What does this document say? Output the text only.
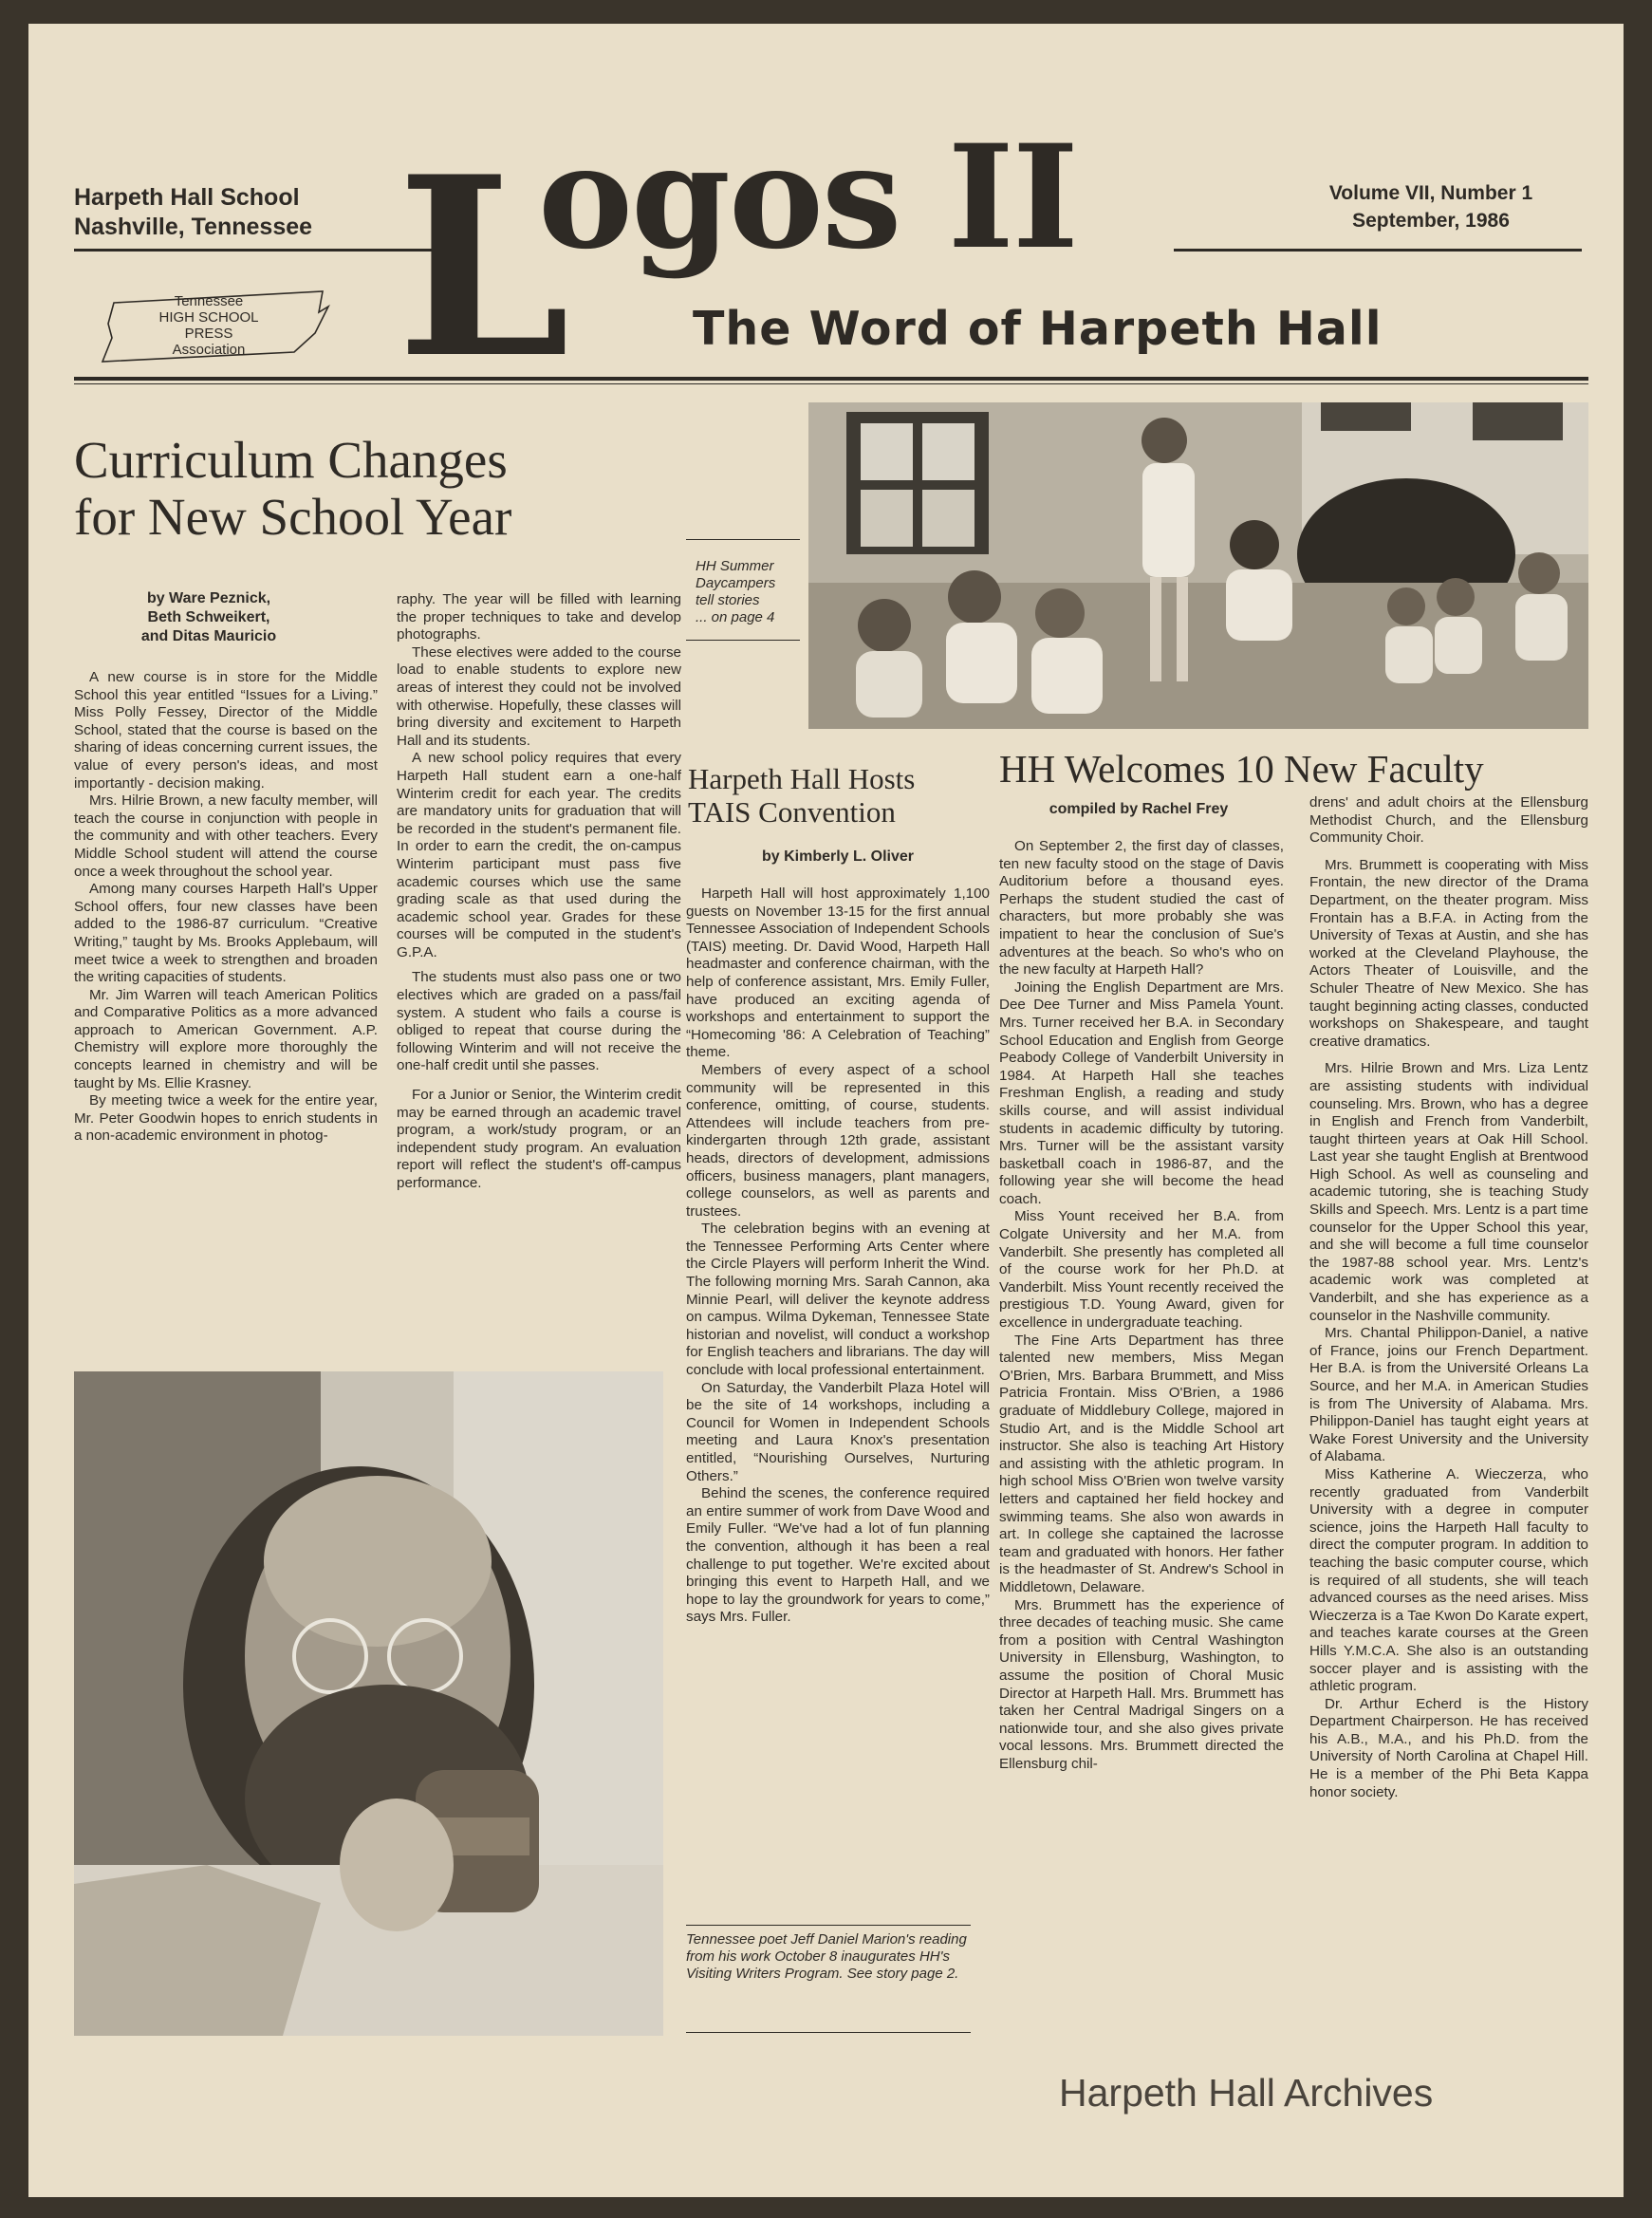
Harpeth Hall School
Nashville, Tennessee
Volume VII, Number 1
September, 1986
L
ogos II
The Word of Harpeth Hall
Tennessee
HIGH SCHOOL PRESS
Association
HH Summer
Daycampers
tell stories
... on page 4
Curriculum Changes
for New School Year
by Ware Peznick,
Beth Schweikert,
and Ditas Mauricio

A new course is in store for the Middle School this year entitled “Issues for a Living.” Miss Polly Fessey, Director of the Middle School, stated that the course is based on the sharing of ideas concerning current issues, the value of every person's ideas, and most importantly - decision making.

Mrs. Hilrie Brown, a new faculty member, will teach the course in conjunction with people in the community and with other teachers. Every Middle School student will attend the course once a week throughout the school year.

Among many courses Harpeth Hall's Upper School offers, four new classes have been added to the 1986-87 curriculum. “Creative Writing,” taught by Ms. Brooks Applebaum, will meet twice a week to strengthen and broaden the writing capacities of students.

Mr. Jim Warren will teach American Politics and Comparative Politics as a more advanced approach to American Government. A.P. Chemistry will explore more thoroughly the concepts learned in chemistry and will be taught by Ms. Ellie Krasney.

By meeting twice a week for the entire year, Mr. Peter Goodwin hopes to enrich students in a non-academic environment in photog-

raphy. The year will be filled with learning the proper techniques to take and develop photographs.

These electives were added to the course load to enable students to explore new areas of interest they could not be involved with otherwise. Hopefully, these classes will bring diversity and excitement to Harpeth Hall and its students.

A new school policy requires that every Harpeth Hall student earn a one-half Winterim credit for each year. The credits are mandatory units for graduation that will be recorded in the student's permanent file. In order to earn the credit, the on-campus Winterim participant must pass five academic courses which use the same grading scale as that used during the academic school year. Grades for these courses will be computed in the student's G.P.A.

The students must also pass one or two electives which are graded on a pass/fail system. A student who fails a course is obliged to repeat that course during the following Winterim and will not receive the one-half credit until she passes.

For a Junior or Senior, the Winterim credit may be earned through an academic travel program, a work/study program, or an independent study program. An evaluation report will reflect the student's off-campus performance.

Harpeth Hall Hosts
TAIS Convention
by Kimberly L. Oliver

Harpeth Hall will host approximately 1,100 guests on November 13-15 for the first annual Tennessee Association of Independent Schools (TAIS) meeting. Dr. David Wood, Harpeth Hall headmaster and conference chairman, with the help of conference assistant, Mrs. Emily Fuller, have produced an exciting agenda of workshops and entertainment to support the “Homecoming '86: A Celebration of Teaching” theme.

Members of every aspect of a school community will be represented in this conference, omitting, of course, students. Attendees will include teachers from pre-kindergarten through 12th grade, assistant heads, directors of development, admissions officers, business managers, plant managers, college counselors, as well as parents and trustees.

The celebration begins with an evening at the Tennessee Performing Arts Center where the Circle Players will perform Inherit the Wind. The following morning Mrs. Sarah Cannon, aka Minnie Pearl, will deliver the keynote address on campus. Wilma Dykeman, Tennessee State historian and novelist, will conduct a workshop for English teachers and librarians. The day will conclude with local professional entertainment.

On Saturday, the Vanderbilt Plaza Hotel will be the site of 14 workshops, including a Council for Women in Independent Schools meeting and Laura Knox's presentation entitled, “Nourishing Ourselves, Nurturing Others.”

Behind the scenes, the conference required an entire summer of work from Dave Wood and Emily Fuller. “We've had a lot of fun planning the convention, although it has been a real challenge to put together. We're excited about bringing this event to Harpeth Hall, and we hope to lay the groundwork for years to come,” says Mrs. Fuller.

Tennessee poet Jeff Daniel Marion's reading from his work October 8 inaugurates HH's Visiting Writers Program. See story page 2.
HH Welcomes 10 New Faculty
compiled by Rachel Frey

On September 2, the first day of classes, ten new faculty stood on the stage of Davis Auditorium before a thousand eyes. Perhaps the student studied the cast of characters, but more probably she was impatient to hear the conclusion of Sue's adventures at the beach. So who's who on the new faculty at Harpeth Hall?

Joining the English Department are Mrs. Dee Dee Turner and Miss Pamela Yount. Mrs. Turner received her B.A. in Secondary School Education and English from George Peabody College of Vanderbilt University in 1984. At Harpeth Hall she teaches Freshman English, a reading and study skills course, and will assist individual students in academic difficulty by tutoring. Mrs. Turner will be the assistant varsity basketball coach in 1986-87, and the following year she will become the head coach.

Miss Yount received her B.A. from Colgate University and her M.A. from Vanderbilt. She presently has completed all of the course work for her Ph.D. at Vanderbilt. Miss Yount recently received the prestigious T.D. Young Award, given for excellence in undergraduate teaching.

The Fine Arts Department has three talented new members, Miss Megan O'Brien, Mrs. Barbara Brummett, and Miss Patricia Frontain. Miss O'Brien, a 1986 graduate of Middlebury College, majored in Studio Art, and is the Middle School art instructor. She also is teaching Art History and assisting with the athletic program. In high school Miss O'Brien won twelve varsity letters and captained her field hockey and swimming teams. She also won awards in art. In college she captained the lacrosse team and graduated with honors. Her father is the headmaster of St. Andrew's School in Middletown, Delaware.

Mrs. Brummett has the experience of three decades of teaching music. She came from a position with Central Washington University in Ellensburg, Washington, to assume the position of Choral Music Director at Harpeth Hall. Mrs. Brummett has taken her Central Madrigal Singers on a nationwide tour, and she also gives private vocal lessons. Mrs. Brummett directed the Ellensburg chil-

drens' and adult choirs at the Ellensburg Methodist Church, and the Ellensburg Community Choir.

Mrs. Brummett is cooperating with Miss Frontain, the new director of the Drama Department, on the theater program. Miss Frontain has a B.F.A. in Acting from the University of Texas at Austin, and she has worked at the Cleveland Playhouse, the Actors Theater of Louisville, and the Schuler Theatre of New Mexico. She has taught beginning acting classes, conducted workshops on Shakespeare, and taught creative dramatics.

Mrs. Hilrie Brown and Mrs. Liza Lentz are assisting students with individual counseling. Mrs. Brown, who has a degree in English and French from Vanderbilt, taught thirteen years at Oak Hill School. Last year she taught English at Brentwood High School. As well as counseling and academic tutoring, she is teaching Study Skills and Speech. Mrs. Lentz is a part time counselor for the Upper School this year, and she will become a full time counselor the 1987-88 school year. Mrs. Lentz's academic work was completed at Vanderbilt, and she has experience as a counselor in the Nashville community.

Mrs. Chantal Philippon-Daniel, a native of France, joins our French Department. Her B.A. is from the Université Orleans La Source, and her M.A. in American Studies is from The University of Alabama. Mrs. Philippon-Daniel has taught eight years at Wake Forest University and the University of Alabama.

Miss Katherine A. Wieczerza, who recently graduated from Vanderbilt University with a degree in computer science, joins the Harpeth Hall faculty to direct the computer program. In addition to teaching the basic computer course, which is required of all students, she will teach advanced courses as the need arises. Miss Wieczerza is a Tae Kwon Do Karate expert, and teaches karate courses at the Green Hills Y.M.C.A. She also is an outstanding soccer player and is assisting with the athletic program.

Dr. Arthur Echerd is the History Department Chairperson. He has received his A.B., M.A., and his Ph.D. from the University of North Carolina at Chapel Hill. He is a member of the Phi Beta Kappa honor society.

Harpeth Hall Archives
